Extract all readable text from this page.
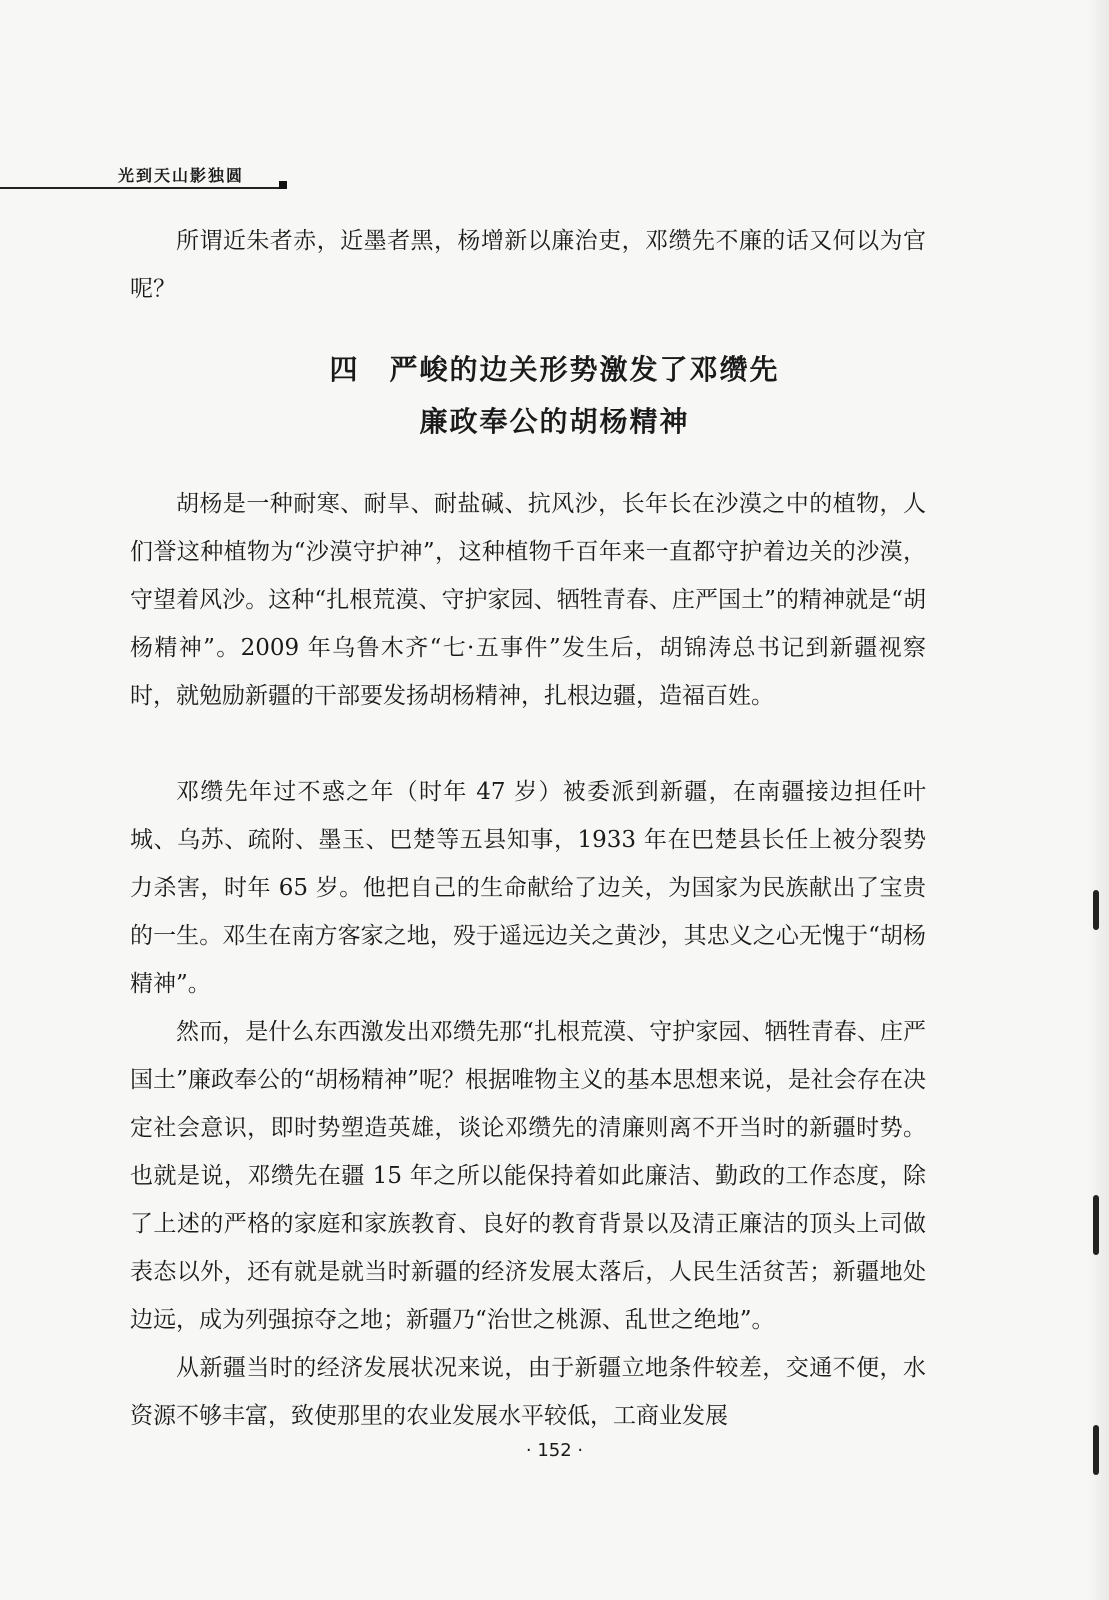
光到天山影独圆

所谓近朱者赤，近墨者黑，杨增新以廉治吏，邓缵先不廉的话又何以为官呢？

四 严峻的边关形势激发了邓缵先
廉政奉公的胡杨精神

胡杨是一种耐寒、耐旱、耐盐碱、抗风沙，长年长在沙漠之中的植物，人们誉这种植物为“沙漠守护神”，这种植物千百年来一直都守护着边关的沙漠，守望着风沙。这种“扎根荒漠、守护家园、牺牲青春、庄严国土”的精神就是“胡杨精神”。2009 年乌鲁木齐“七·五事件”发生后，胡锦涛总书记到新疆视察时，就勉励新疆的干部要发扬胡杨精神，扎根边疆，造福百姓。

邓缵先年过不惑之年（时年 47 岁）被委派到新疆，在南疆接边担任叶城、乌苏、疏附、墨玉、巴楚等五县知事，1933 年在巴楚县长任上被分裂势力杀害，时年 65 岁。他把自己的生命献给了边关，为国家为民族献出了宝贵的一生。邓生在南方客家之地，殁于遥远边关之黄沙，其忠义之心无愧于“胡杨精神”。

然而，是什么东西激发出邓缵先那“扎根荒漠、守护家园、牺牲青春、庄严国土”廉政奉公的“胡杨精神”呢？根据唯物主义的基本思想来说，是社会存在决定社会意识，即时势塑造英雄，谈论邓缵先的清廉则离不开当时的新疆时势。也就是说，邓缵先在疆 15 年之所以能保持着如此廉洁、勤政的工作态度，除了上述的严格的家庭和家族教育、良好的教育背景以及清正廉洁的顶头上司做表态以外，还有就是就当时新疆的经济发展太落后，人民生活贫苦；新疆地处边远，成为列强掠夺之地；新疆乃“治世之桃源、乱世之绝地”。

从新疆当时的经济发展状况来说，由于新疆立地条件较差，交通不便，水资源不够丰富，致使那里的农业发展水平较低，工商业发展

· 152 ·
